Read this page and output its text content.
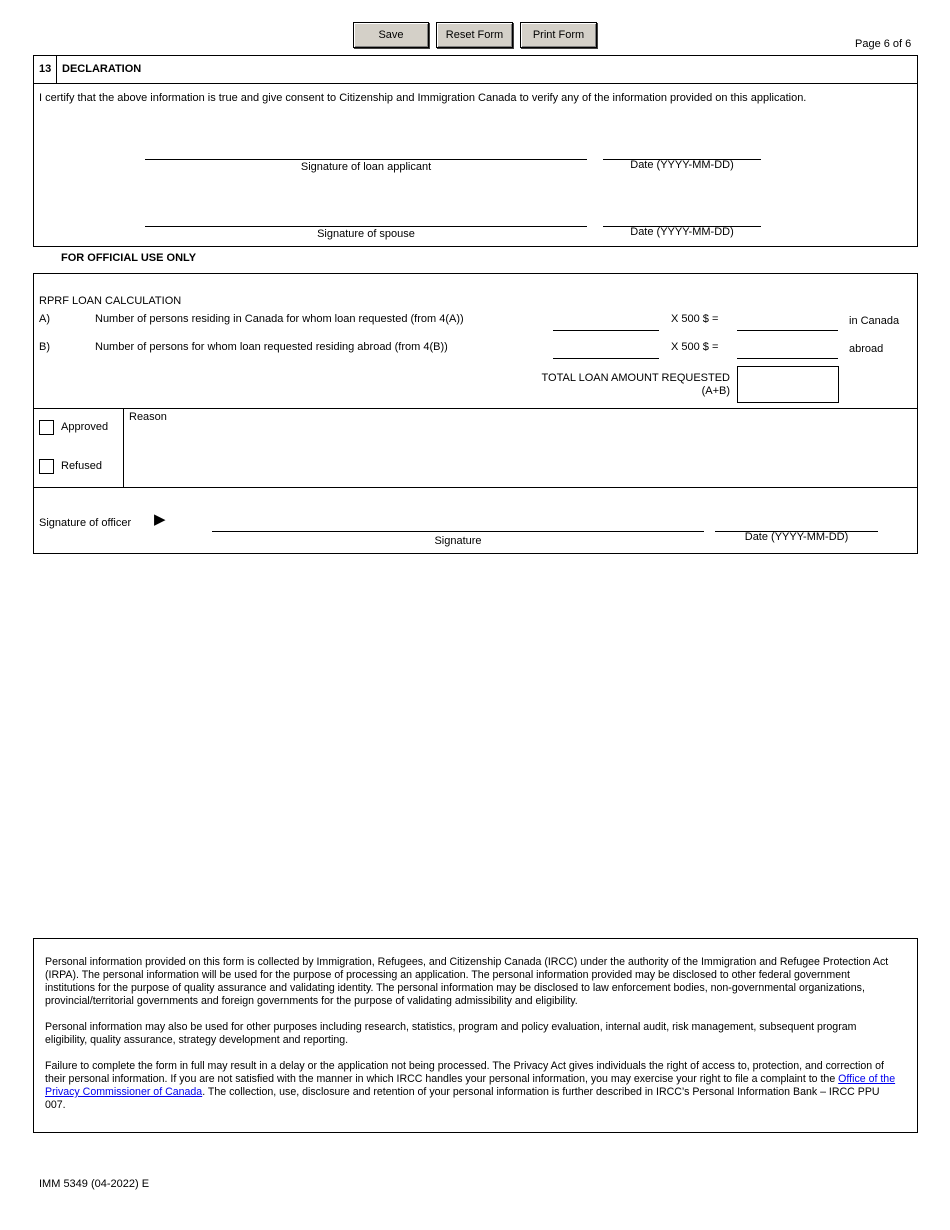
Save	Reset Form	Print Form
Page 6 of 6
13 DECLARATION
I certify that the above information is true and give consent to Citizenship and Immigration Canada to verify any of the information provided on this application.
Signature of loan applicant	Date (YYYY-MM-DD)
Signature of spouse	Date (YYYY-MM-DD)
FOR OFFICIAL USE ONLY
RPRF LOAN CALCULATION
A)	Number of persons residing in Canada for whom loan requested (from 4(A))	X 500 $ =	in Canada
B)	Number of persons for whom loan requested residing abroad (from 4(B))	X 500 $ =	abroad
TOTAL LOAN AMOUNT REQUESTED
(A+B)
Approved
Refused
Reason
Signature of officer ▶
Signature	Date (YYYY-MM-DD)

Personal information provided on this form is collected by Immigration, Refugees, and Citizenship Canada (IRCC) under the authority of the Immigration and Refugee Protection Act (IRPA). The personal information will be used for the purpose of processing an application. The personal information provided may be disclosed to other federal government institutions for the purpose of quality assurance and validating identity. The personal information may be disclosed to law enforcement bodies, non-governmental organizations, provincial/territorial governments and foreign governments for the purpose of validating admissibility and eligibility.

Personal information may also be used for other purposes including research, statistics, program and policy evaluation, internal audit, risk management, subsequent program eligibility, quality assurance, strategy development and reporting.

Failure to complete the form in full may result in a delay or the application not being processed. The Privacy Act gives individuals the right of access to, protection, and correction of their personal information. If you are not satisfied with the manner in which IRCC handles your personal information, you may exercise your right to file a complaint to the Office of the Privacy Commissioner of Canada. The collection, use, disclosure and retention of your personal information is further described in IRCC’s Personal Information Bank – IRCC PPU 007.

IMM 5349 (04-2022) E
